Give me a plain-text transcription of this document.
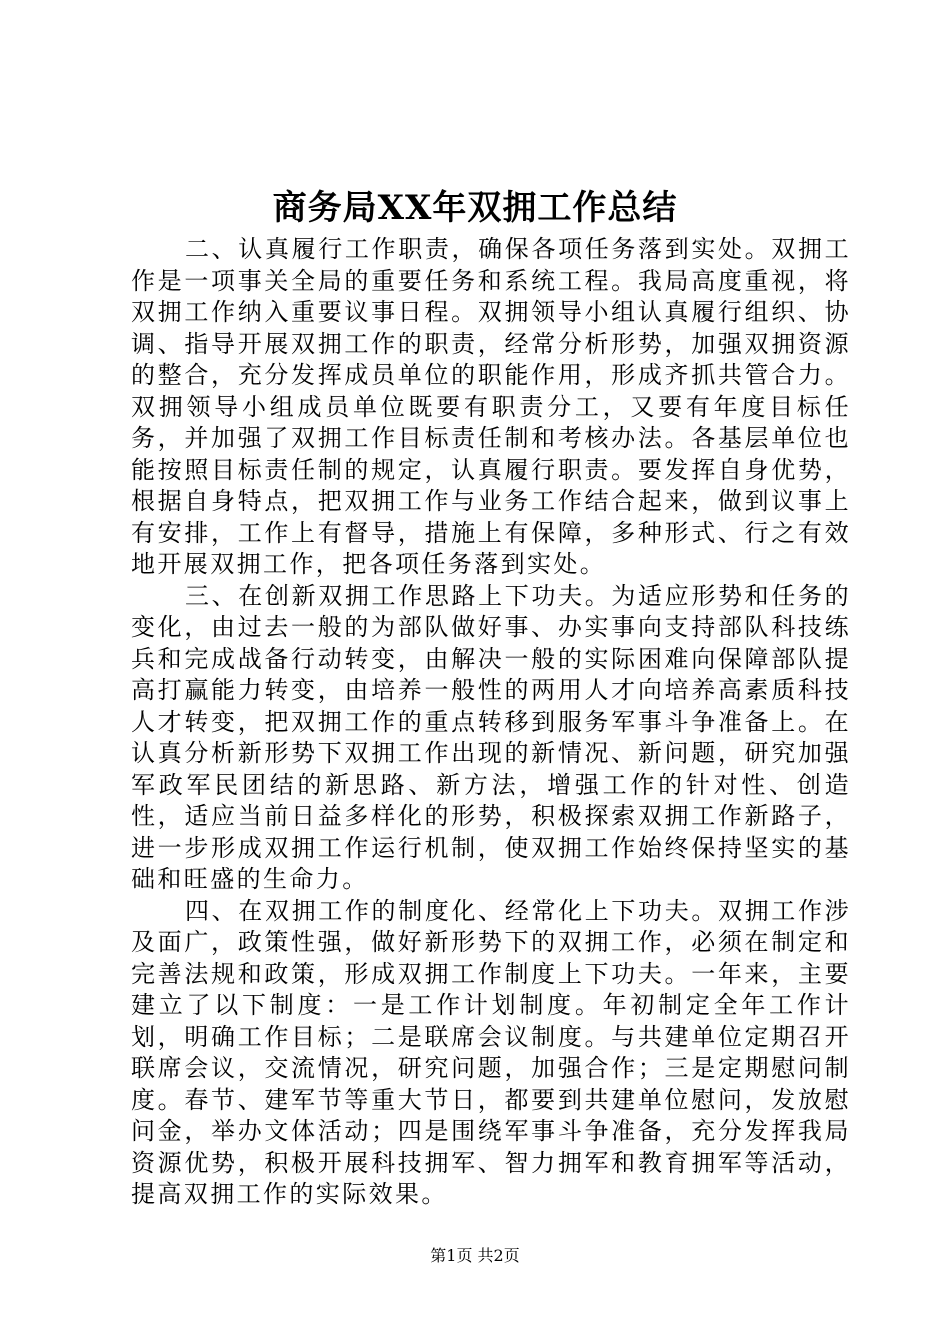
商务局XX年双拥工作总结

二、认真履行工作职责，确保各项任务落到实处。双拥工作是一项事关全局的重要任务和系统工程。我局高度重视，将双拥工作纳入重要议事日程。双拥领导小组认真履行组织、协调、指导开展双拥工作的职责，经常分析形势，加强双拥资源的整合，充分发挥成员单位的职能作用，形成齐抓共管合力。双拥领导小组成员单位既要有职责分工，又要有年度目标任务，并加强了双拥工作目标责任制和考核办法。各基层单位也能按照目标责任制的规定，认真履行职责。要发挥自身优势，根据自身特点，把双拥工作与业务工作结合起来，做到议事上有安排，工作上有督导，措施上有保障，多种形式、行之有效地开展双拥工作，把各项任务落到实处。

三、在创新双拥工作思路上下功夫。为适应形势和任务的变化，由过去一般的为部队做好事、办实事向支持部队科技练兵和完成战备行动转变，由解决一般的实际困难向保障部队提高打赢能力转变，由培养一般性的两用人才向培养高素质科技人才转变，把双拥工作的重点转移到服务军事斗争准备上。在认真分析新形势下双拥工作出现的新情况、新问题，研究加强军政军民团结的新思路、新方法，增强工作的针对性、创造性，适应当前日益多样化的形势，积极探索双拥工作新路子，进一步形成双拥工作运行机制，使双拥工作始终保持坚实的基础和旺盛的生命力。

四、在双拥工作的制度化、经常化上下功夫。双拥工作涉及面广，政策性强，做好新形势下的双拥工作，必须在制定和完善法规和政策，形成双拥工作制度上下功夫。一年来，主要建立了以下制度：一是工作计划制度。年初制定全年工作计划，明确工作目标；二是联席会议制度。与共建单位定期召开联席会议，交流情况，研究问题，加强合作；三是定期慰问制度。春节、建军节等重大节日，都要到共建单位慰问，发放慰问金，举办文体活动；四是围绕军事斗争准备，充分发挥我局资源优势，积极开展科技拥军、智力拥军和教育拥军等活动，提高双拥工作的实际效果。

第1页 共2页
